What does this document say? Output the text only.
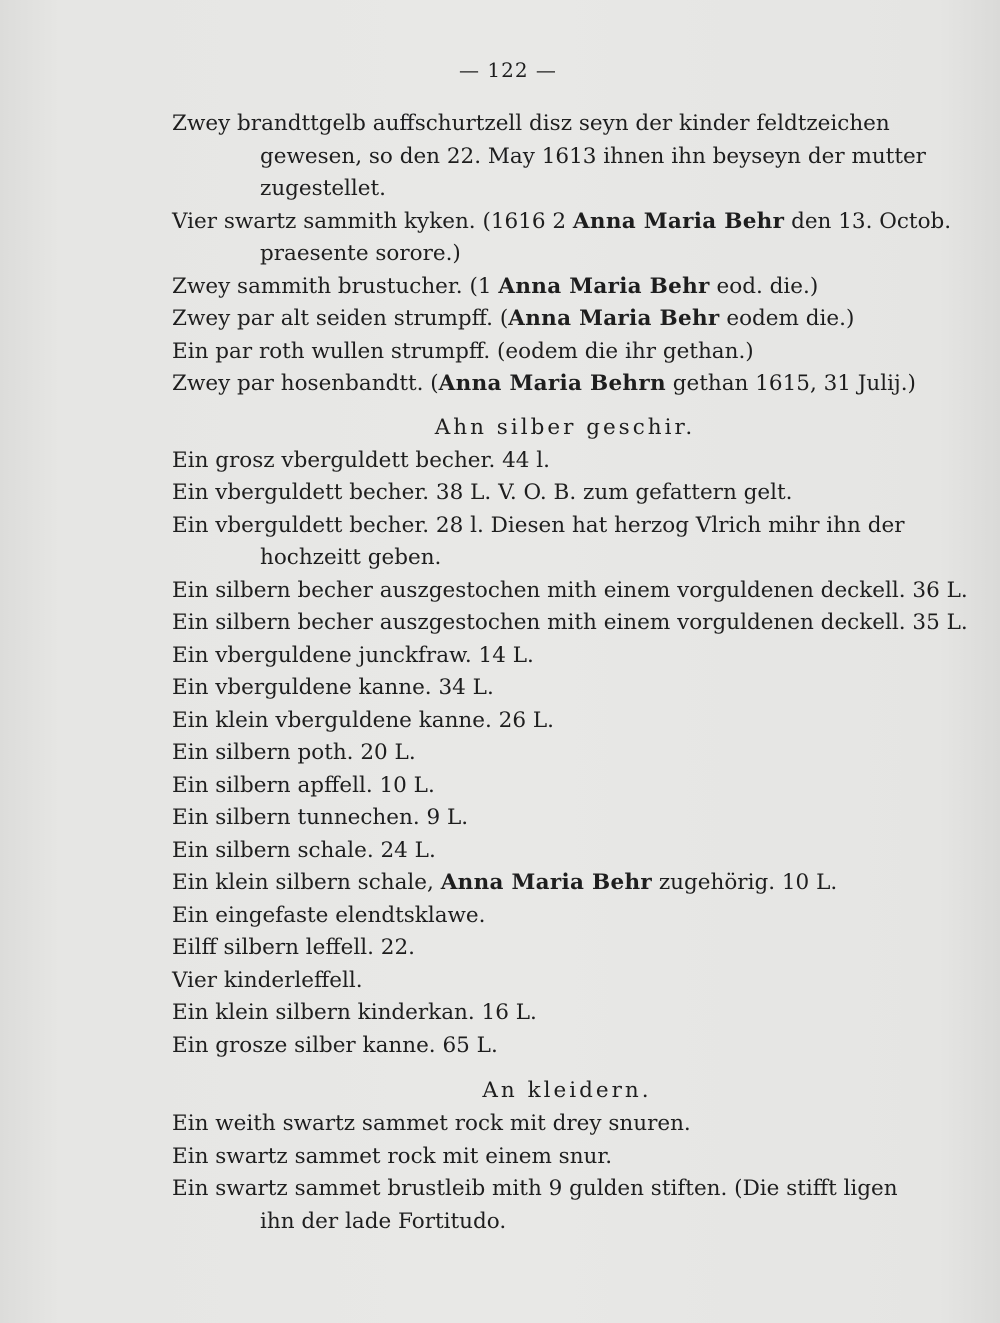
— 122 —
Zwey brandttgelb auffschurtzell disz seyn der kinder feldtzeichen
gewesen, so den 22. May 1613 ihnen ihn beyseyn der mutter
zugestellet.
Vier swartz sammith kyken. (1616 2 Anna Maria Behr den 13. Octob.
praesente sorore.)
Zwey sammith brustucher. (1 Anna Maria Behr eod. die.)
Zwey par alt seiden strumpff. (Anna Maria Behr eodem die.)
Ein par roth wullen strumpff. (eodem die ihr gethan.)
Zwey par hosenbandtt. (Anna Maria Behrn gethan 1615, 31 Julij.)
Ahn silber geschir.
Ein grosz vberguldett becher. 44 l.
Ein vberguldett becher. 38 L. V. O. B. zum gefattern gelt.
Ein vberguldett becher. 28 l. Diesen hat herzog Vlrich mihr ihn der
hochzeitt geben.
Ein silbern becher auszgestochen mith einem vorguldenen deckell. 36 L.
Ein silbern becher auszgestochen mith einem vorguldenen deckell. 35 L.
Ein vberguldene junckfraw. 14 L.
Ein vberguldene kanne. 34 L.
Ein klein vberguldene kanne. 26 L.
Ein silbern poth. 20 L.
Ein silbern apffell. 10 L.
Ein silbern tunnechen. 9 L.
Ein silbern schale. 24 L.
Ein klein silbern schale, Anna Maria Behr zugehörig. 10 L.
Ein eingefaste elendtsklawe.
Eilff silbern leffell. 22.
Vier kinderleffell.
Ein klein silbern kinderkan. 16 L.
Ein grosze silber kanne. 65 L.
An kleidern.
Ein weith swartz sammet rock mit drey snuren.
Ein swartz sammet rock mit einem snur.
Ein swartz sammet brustleib mith 9 gulden stiften. (Die stifft ligen
ihn der lade Fortitudo.
